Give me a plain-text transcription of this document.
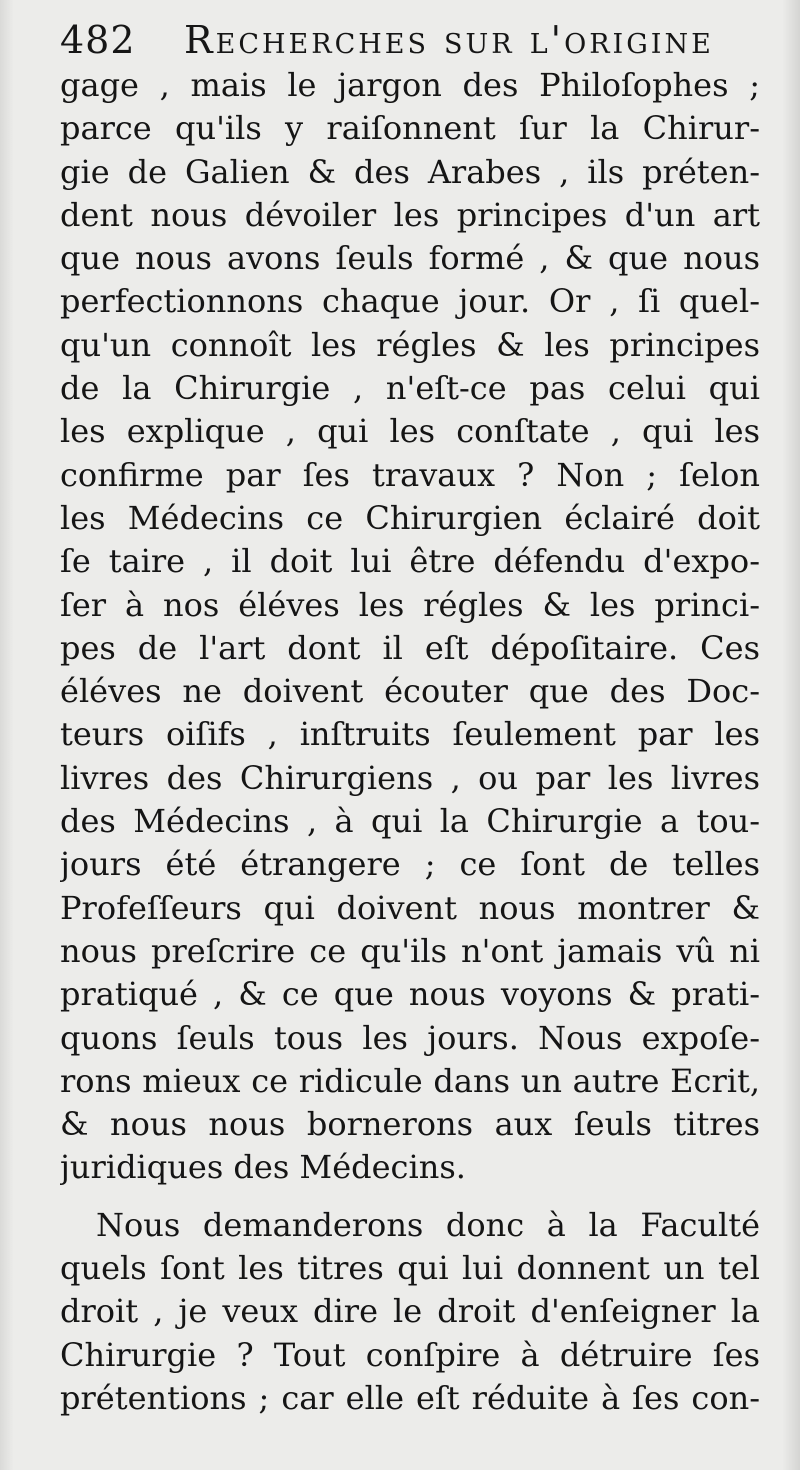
482 Recherches sur l'origine
gage , mais le jargon des Philoſophes ;
parce qu'ils y raiſonnent ſur la Chirur-
gie de Galien & des Arabes , ils préten-
dent nous dévoiler les principes d'un art
que nous avons ſeuls formé , & que nous
perfectionnons chaque jour. Or , ſi quel-
qu'un connoît les régles & les principes
de la Chirurgie , n'eſt-ce pas celui qui
les explique , qui les conſtate , qui les
confirme par ſes travaux ? Non ; ſelon
les Médecins ce Chirurgien éclairé doit
ſe taire , il doit lui être défendu d'expo-
ſer à nos éléves les régles & les princi-
pes de l'art dont il eſt dépoſitaire. Ces
éléves ne doivent écouter que des Doc-
teurs oiſifs , inſtruits ſeulement par les
livres des Chirurgiens , ou par les livres
des Médecins , à qui la Chirurgie a tou-
jours été étrangere ; ce ſont de telles
Profeſſeurs qui doivent nous montrer &
nous preſcrire ce qu'ils n'ont jamais vû ni
pratiqué , & ce que nous voyons & prati-
quons ſeuls tous les jours. Nous expoſe-
rons mieux ce ridicule dans un autre Ecrit,
& nous nous bornerons aux ſeuls titres
juridiques des Médecins.
Nous demanderons donc à la Faculté
quels ſont les titres qui lui donnent un tel
droit , je veux dire le droit d'enſeigner la
Chirurgie ? Tout conſpire à détruire ſes
prétentions ; car elle eſt réduite à ſes con-
